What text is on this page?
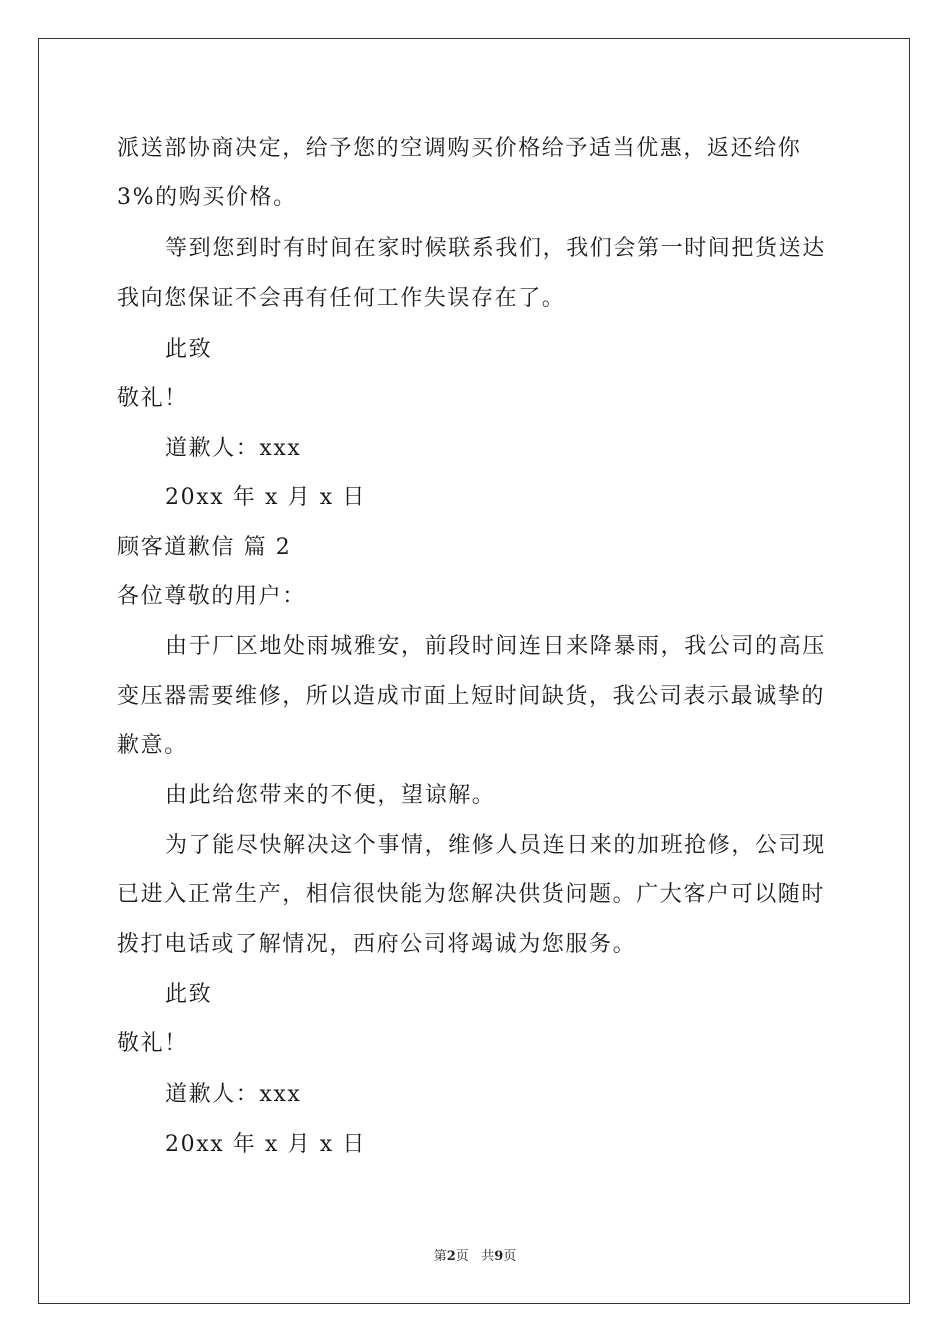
派送部协商决定，给予您的空调购买价格给予适当优惠，返还给你
3%的购买价格。
等到您到时有时间在家时候联系我们，我们会第一时间把货送达
我向您保证不会再有任何工作失误存在了。
此致
敬礼！
道歉人：xxx
20xx 年 x 月 x 日
顾客道歉信 篇 2
各位尊敬的用户：
由于厂区地处雨城雅安，前段时间连日来降暴雨，我公司的高压
变压器需要维修，所以造成市面上短时间缺货，我公司表示最诚挚的
歉意。
由此给您带来的不便，望谅解。
为了能尽快解决这个事情，维修人员连日来的加班抢修，公司现
已进入正常生产，相信很快能为您解决供货问题。广大客户可以随时
拨打电话或了解情况，西府公司将竭诚为您服务。
此致
敬礼！
道歉人：xxx
20xx 年 x 月 x 日
第2页 共9页
